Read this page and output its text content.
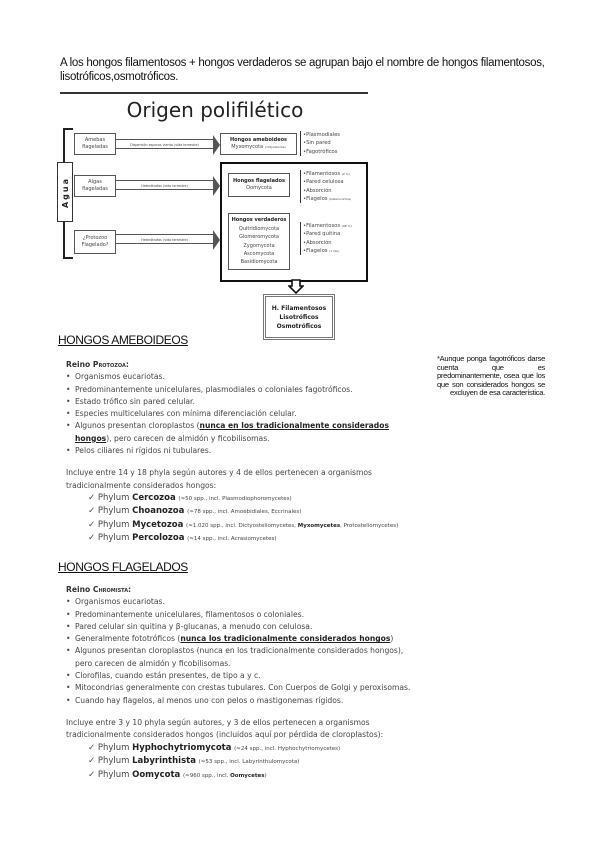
A los hongos filamentosos + hongos verdaderos se agrupan bajo el nombre de hongos filamentosos, lisotróficos,osmotróficos.
Origen polifilético
Agua
Amebas flageladas
Algas flageladas
¿Protozoo Flagelado?
Dispersión esporas viento (vida terrestre)
Heterótrofas (vida terrestre)
Heterótrofas (vida terrestre)
Hongos ameboideos
Myxomycota (=Mycetozoa)
•Plasmodiales
•Sin pared
•Fagotróficos
Hongos flagelados
Oomycota
•Filamentosos (2 %)
•Pared celulosa
•Absorción
•Flagelos (heterocontos)
Hongos verdaderos
Quitridiomycota
Glomeromycota
Zygomycota
Ascomycota
Basidiomycota
•Filamentosos (98 %)
•Pared quitina
•Absorción
•Flagelos (1 liso)
H. Filamentosos
Lisotróficos
Osmotróficos
HONGOS AMEBOIDEOS
Reino Protozoa:
• Organismos eucariotas.
• Predominantemente unicelulares, plasmodiales o coloniales fagotróficos.
• Estado trófico sin pared celular.
• Especies multicelulares con mínima diferenciación celular.
• Algunos presentan cloroplastos (nunca en los tradicionalmente considerados hongos), pero carecen de almidón y ficobilisomas.
• Pelos ciliares ni rígidos ni tubulares.
Incluye entre 14 y 18 phyla según autores y 4 de ellos pertenecen a organismos tradicionalmente considerados hongos:
✓ Phylum Cercozoa (≈50 spp., incl. Plasmodiophoromycetes)
✓ Phylum Choanozoa (≈78 spp., incl. Amoebidiales, Eccrinales)
✓ Phylum Mycetozoa (≈1.020 spp., incl. Dictyosteliomycetes, Myxomycetes, Protosteliomycetes)
✓ Phylum Percolozoa (≈14 spp., incl. Acrasiomycetes)
*Aunque ponga fagotróficos darse cuenta que es predominantemente, osea que los que son considerados hongos se excluyen de esa característica.
HONGOS FLAGELADOS
Reino Chromista:
• Organismos eucariotas.
• Predominantemente unicelulares, filamentosos o coloniales.
• Pared celular sin quitina y β-glucanas, a menudo con celulosa.
• Generalmente fototróficos (nunca los tradicionalmente considerados hongos)
• Algunos presentan cloroplastos (nunca en los tradicionalmente considerados hongos), pero carecen de almidón y ficobilisomas.
• Clorofilas, cuando están presentes, de tipo a y c.
• Mitocondrias generalmente con crestas tubulares. Con Cuerpos de Golgi y peroxisomas.
• Cuando hay flagelos, al menos uno con pelos o mastigonemas rígidos.
Incluye entre 3 y 10 phyla según autores, y 3 de ellos pertenecen a organismos tradicionalmente considerados hongos (incluidos aquí por pérdida de cloroplastos):
✓ Phylum Hyphochytriomycota (≈24 spp., incl. Hyphochytriomycetes)
✓ Phylum Labyrinthista (≈53 spp., incl. Labyrinthulomycota)
✓ Phylum Oomycota (≈960 spp., incl. Oomycetes)
